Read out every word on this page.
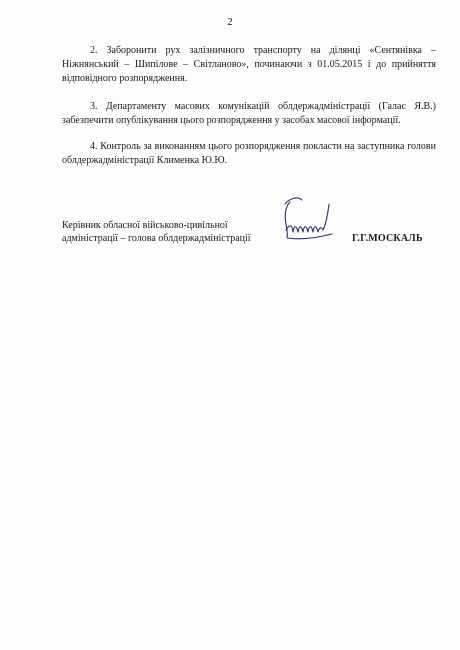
2

2. Заборонити рух залізничного транспорту на ділянці «Сентянівка – Ніжнянський – Шипілове – Світланово», починаючи з 01.05.2015 і до прийняття відповідного розпорядження.

3. Департаменту масових комунікацій облдержадміністрації (Галас Я.В.) забезпечити опублікування цього розпорядження у засобах масової інформації.

4. Контроль за виконанням цього розпорядження покласти на заступника голови облдержадміністрації Клименка Ю.Ю.

Керівник обласної військово-цивільної
адміністрації – голова облдержадміністрації	Г.Г.МОСКАЛЬ
